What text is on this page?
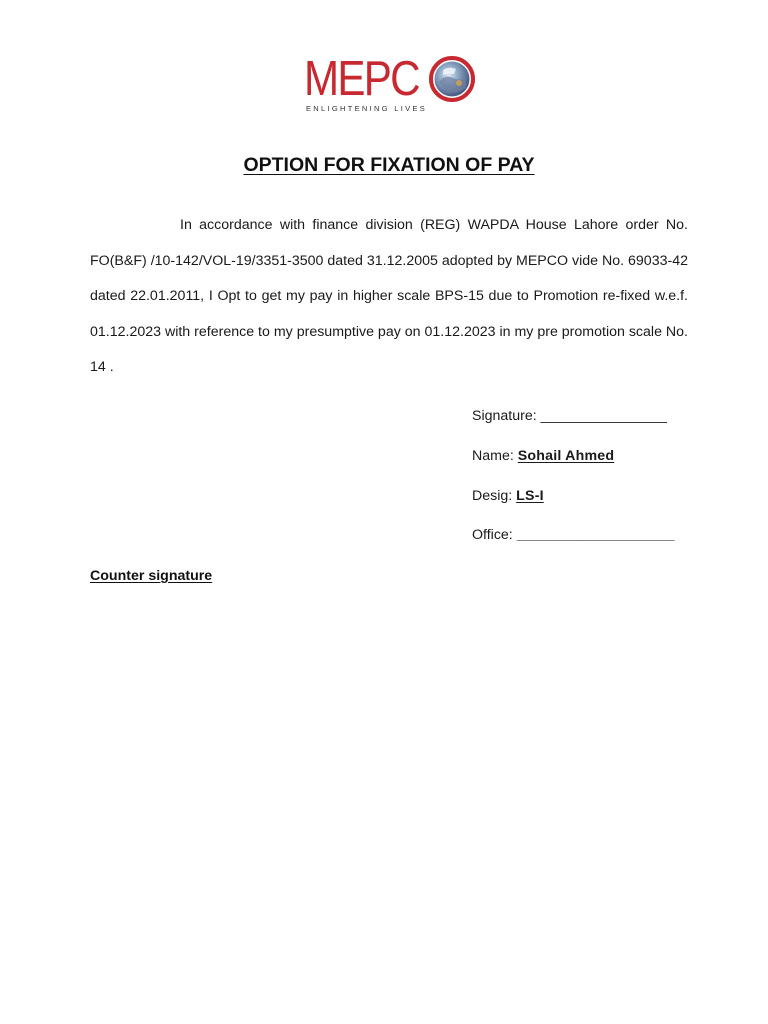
MEPC
ENLIGHTENING LIVES
OPTION FOR FIXATION OF PAY
In accordance with finance division (REG) WAPDA House Lahore order No. FO(B&F) /10-142/VOL-19/3351-3500 dated 31.12.2005 adopted by MEPCO vide No. 69033-42 dated 22.01.2011, I Opt to get my pay in higher scale BPS-15 due to Promotion re-fixed w.e.f. 01.12.2023 with reference to my presumptive pay on 01.12.2023 in my pre promotion scale No. 14 .
Signature: ________________
Name: Sohail Ahmed
Desig: LS-I
Office: ____________________
Counter signature
